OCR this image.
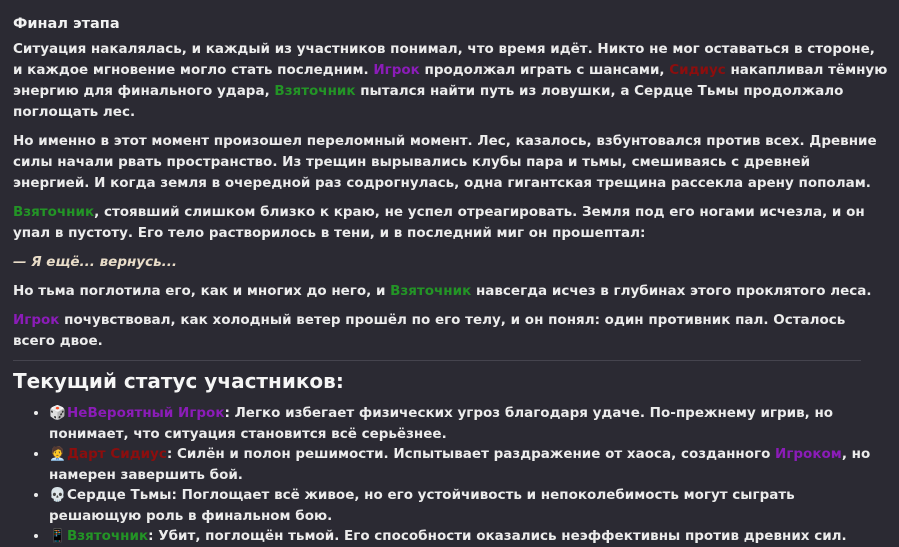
Финал этапа

Ситуация накалялась, и каждый из участников понимал, что время идёт. Никто не мог оставаться в стороне, и каждое мгновение могло стать последним. Игрок продолжал играть с шансами, Сидиус накапливал тёмную энергию для финального удара, Взяточник пытался найти путь из ловушки, а Сердце Тьмы продолжало поглощать лес.

Но именно в этот момент произошел переломный момент. Лес, казалось, взбунтовался против всех. Древние силы начали рвать пространство. Из трещин вырывались клубы пара и тьмы, смешиваясь с древней энергией. И когда земля в очередной раз содрогнулась, одна гигантская трещина рассекла арену пополам.

Взяточник, стоявший слишком близко к краю, не успел отреагировать. Земля под его ногами исчезла, и он упал в пустоту. Его тело растворилось в тени, и в последний миг он прошептал:

— Я ещё... вернусь...

Но тьма поглотила его, как и многих до него, и Взяточник навсегда исчез в глубинах этого проклятого леса.

Игрок почувствовал, как холодный ветер прошёл по его телу, и он понял: один противник пал. Осталось всего двое.

Текущий статус участников:
• 🎲НеВероятный Игрок: Легко избегает физических угроз благодаря удаче. По-прежнему игрив, но понимает, что ситуация становится всё серьёзнее.
• 🧑‍💼Дарт Сидиус: Силён и полон решимости. Испытывает раздражение от хаоса, созданного Игроком, но намерен завершить бой.
• 💀Сердце Тьмы: Поглощает всё живое, но его устойчивость и непоколебимость могут сыграть решающую роль в финальном бою.
• 📱Взяточник: Убит, поглощён тьмой. Его способности оказались неэффективны против древних сил.
